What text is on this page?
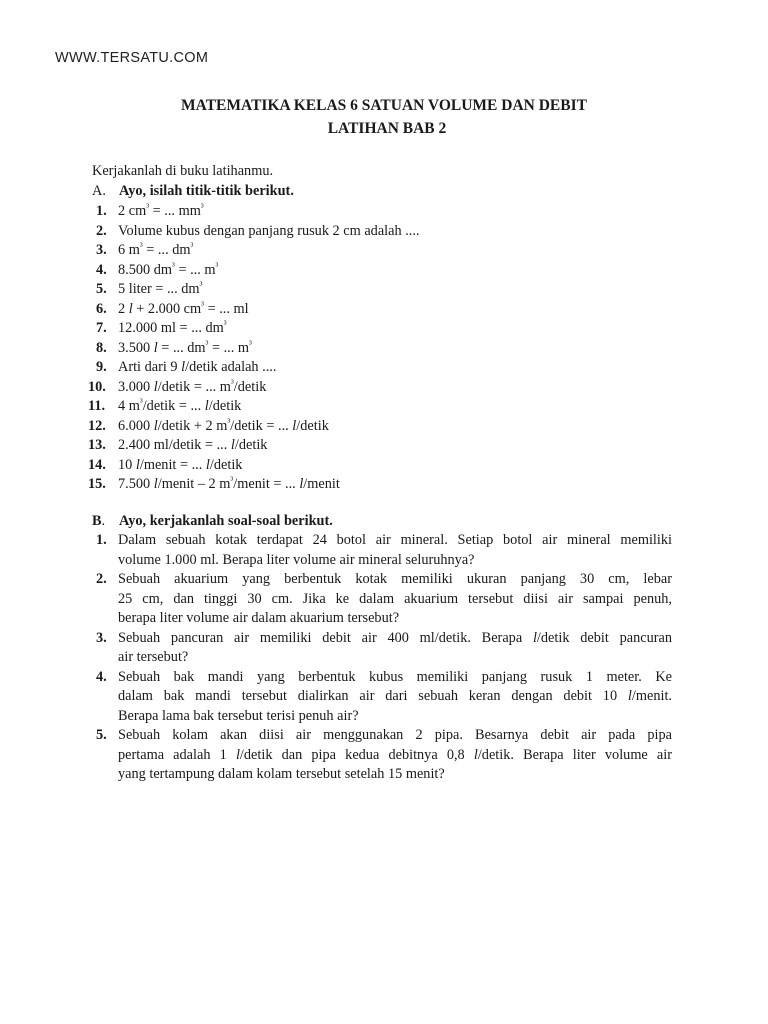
WWW.TERSATU.COM
MATEMATIKA KELAS 6 SATUAN VOLUME DAN DEBIT
LATIHAN BAB 2
Kerjakanlah di buku latihanmu.
A. Ayo, isilah titik-titik berikut.
1. 2 $cm^{^3}$ = ... $mm^{^3}$
2. Volume kubus dengan panjang rusuk 2 cm adalah ....
3. 6 $m^{^3}$ = ... $dm^{^3}$
4. 8.500 $dm^{^3}$ = ... $m^{^3}$
5. 5 liter = ... $dm^{^3}$
6. 2 l + 2.000 $cm^{^3}$ = ... ml
7. 12.000 ml = ... $dm^{^3}$
8. 3.500 l = ... $dm^{^3}$ = ... $m^{^3}$
9. Arti dari 9 l/detik adalah ....
10. 3.000 l/detik = ... $m^{^3}$/detik
11. 4 $m^{^3}$/detik = ... l/detik
12. 6.000 l/detik + 2 $m^{^3}$/detik = ... l/detik
13. 2.400 ml/detik = ... l/detik
14. 10 l/menit = ... l/detik
15. 7.500 l/menit – 2 $m^{^3}$/menit = ... l/menit
B. Ayo, kerjakanlah soal-soal berikut.
1. Dalam sebuah kotak terdapat 24 botol air mineral. Setiap botol air mineral memiliki
volume 1.000 ml. Berapa liter volume air mineral seluruhnya?
2. Sebuah akuarium yang berbentuk kotak memiliki ukuran panjang 30 cm, lebar
25 cm, dan tinggi 30 cm. Jika ke dalam akuarium tersebut diisi air sampai penuh,
berapa liter volume air dalam akuarium tersebut?
3. Sebuah pancuran air memiliki debit air 400 ml/detik. Berapa l/detik debit pancuran
air tersebut?
4. Sebuah bak mandi yang berbentuk kubus memiliki panjang rusuk 1 meter. Ke
dalam bak mandi tersebut dialirkan air dari sebuah keran dengan debit 10 l/menit.
Berapa lama bak tersebut terisi penuh air?
5. Sebuah kolam akan diisi air menggunakan 2 pipa. Besarnya debit air pada pipa
pertama adalah 1 l/detik dan pipa kedua debitnya 0,8 l/detik. Berapa liter volume air
yang tertampung dalam kolam tersebut setelah 15 menit?
